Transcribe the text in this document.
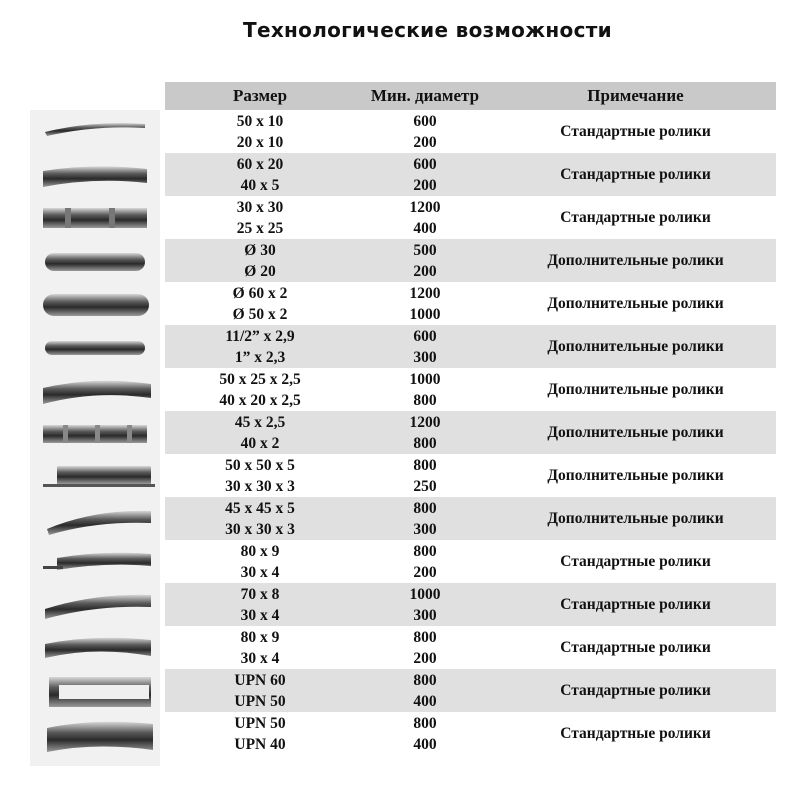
Технологические возможности
Размер	Мин. диаметр	Примечание
50 x 10
20 x 10
600
200
Стандартные ролики
60 x 20
40 x 5
600
200
Стандартные ролики
30 x 30
25 x 25
1200
400
Стандартные ролики
Ø 30
Ø 20
500
200
Дополнительные ролики
Ø 60 x 2
Ø 50 x 2
1200
1000
Дополнительные ролики
11/2” x 2,9
1” x 2,3
600
300
Дополнительные ролики
50 x 25 x 2,5
40 x 20 x 2,5
1000
800
Дополнительные ролики
45 x 2,5
40 x 2
1200
800
Дополнительные ролики
50 x 50 x 5
30 x 30 x 3
800
250
Дополнительные ролики
45 x 45 x 5
30 x 30 x 3
800
300
Дополнительные ролики
80 x 9
30 x 4
800
200
Стандартные ролики
70 x 8
30 x 4
1000
300
Стандартные ролики
80 x 9
30 x 4
800
200
Стандартные ролики
UPN 60
UPN 50
800
400
Стандартные ролики
UPN 50
UPN 40
800
400
Стандартные ролики
